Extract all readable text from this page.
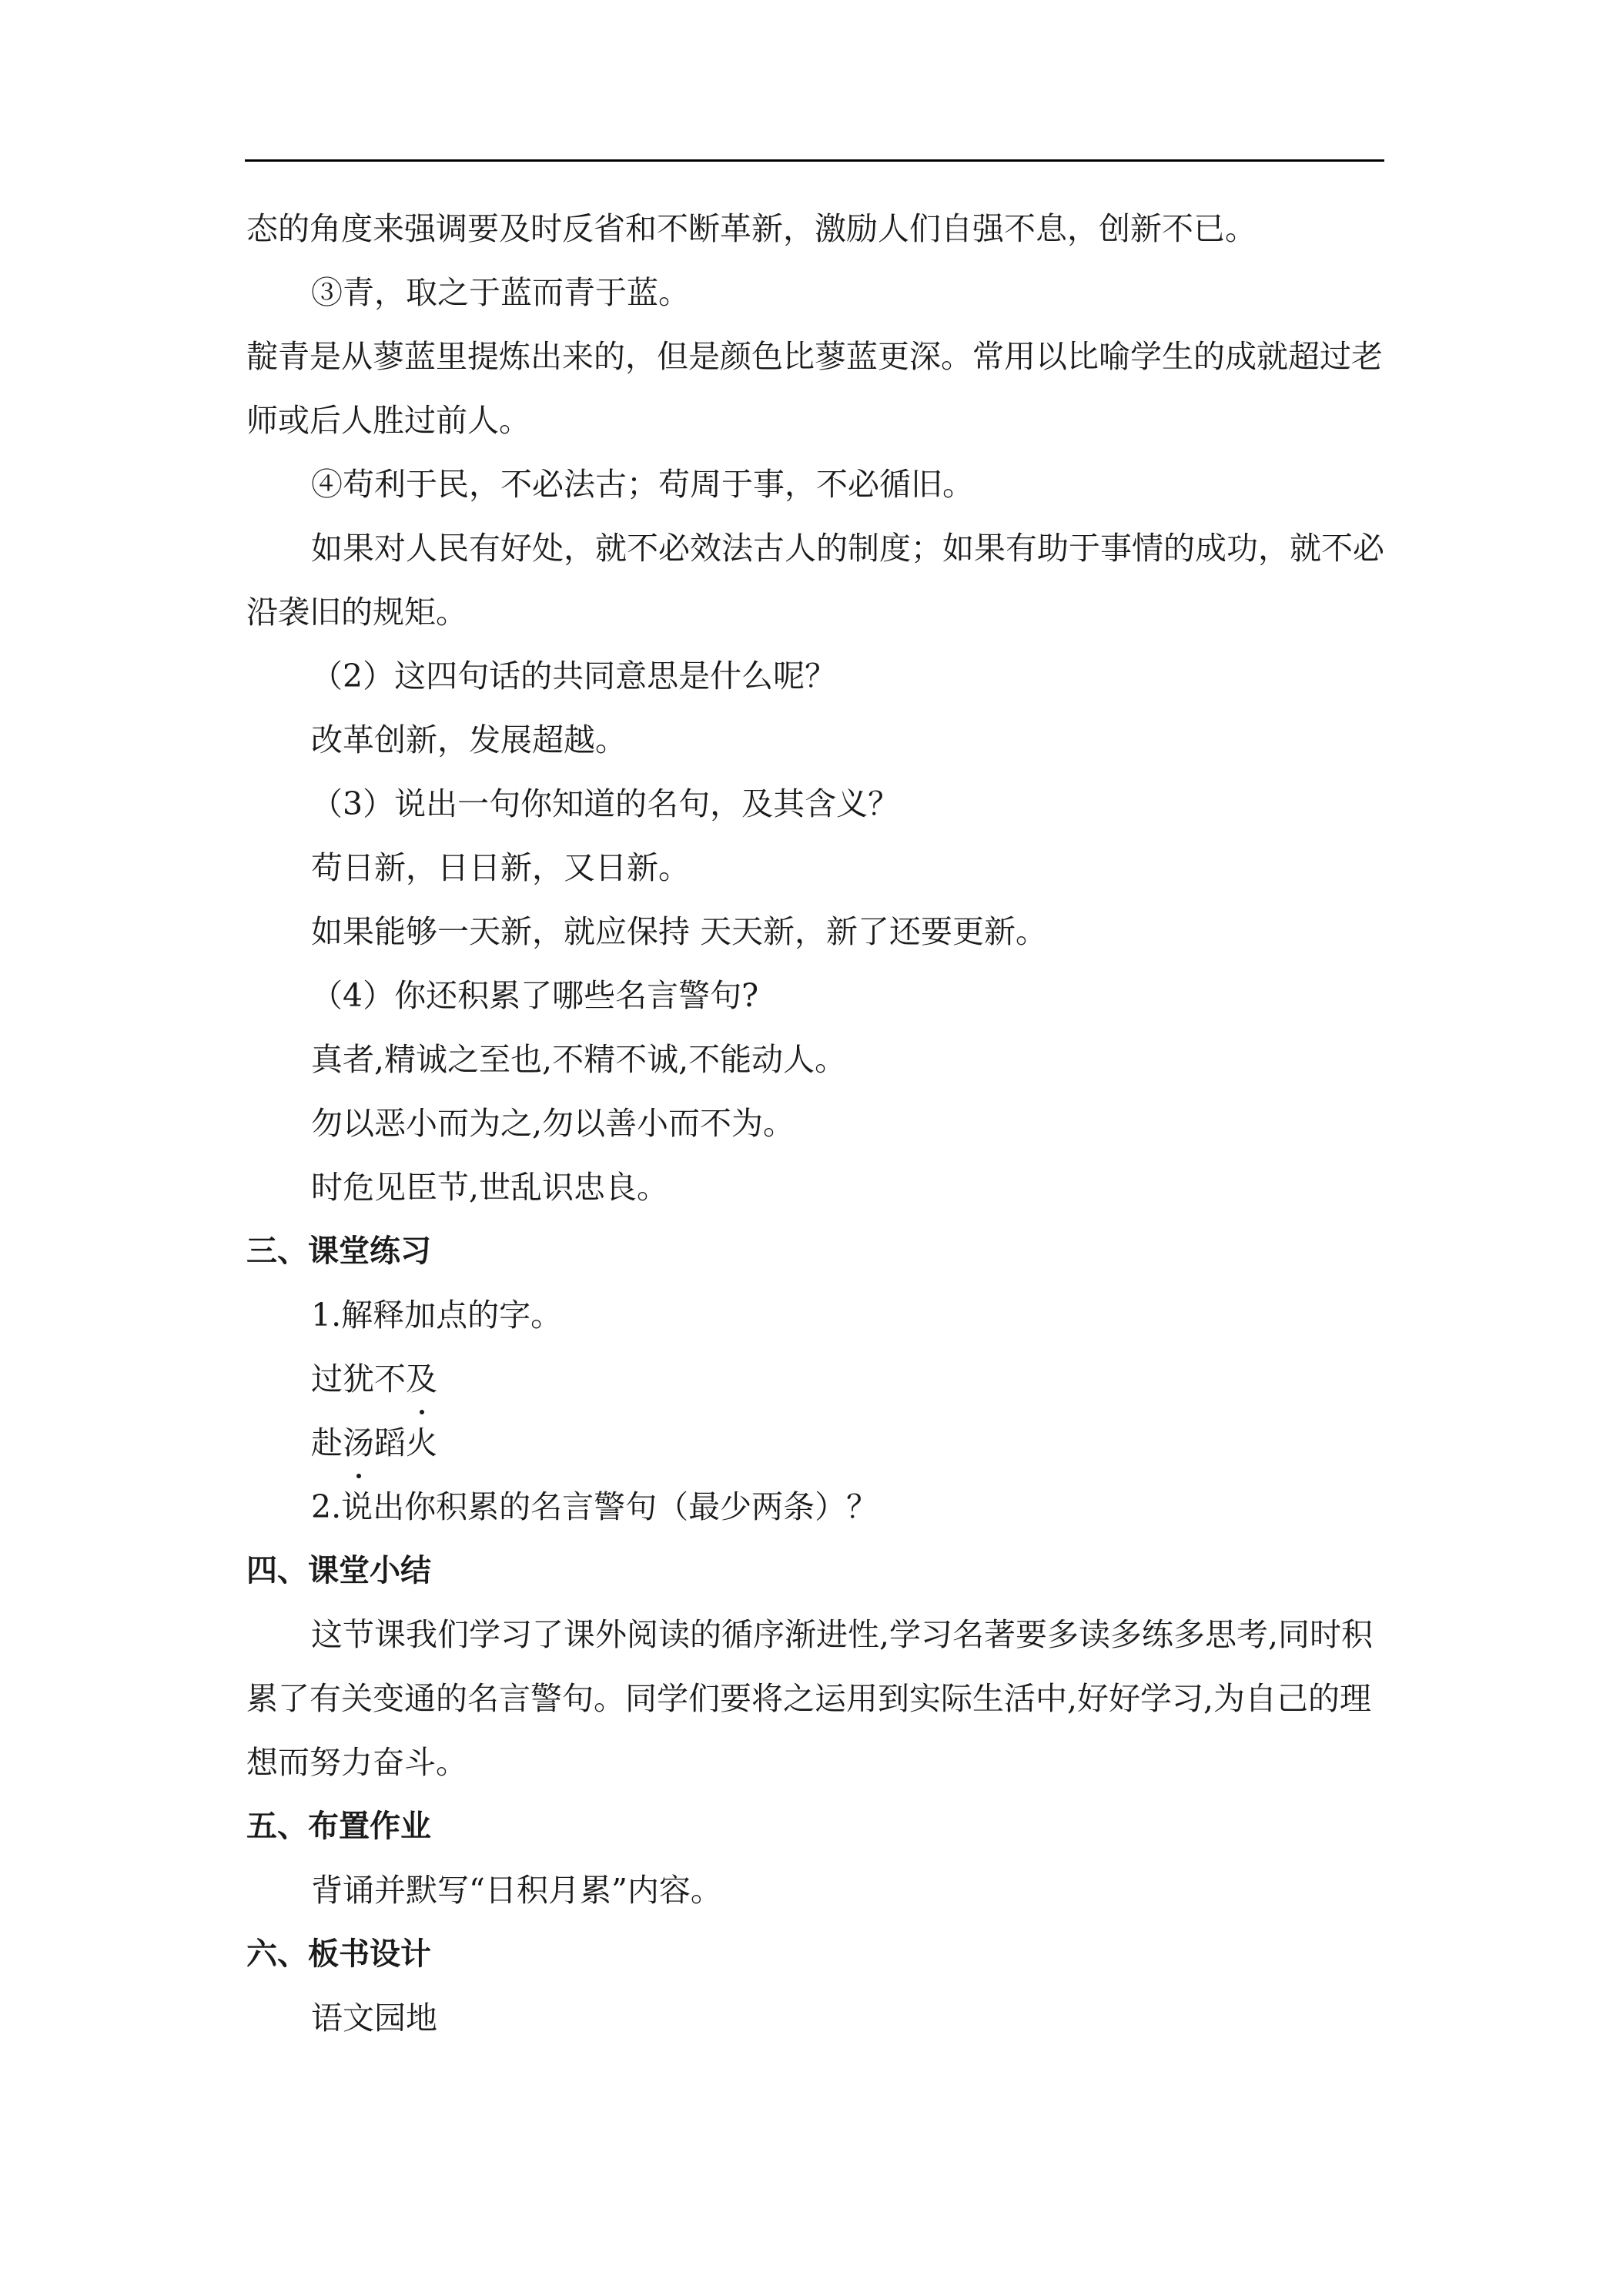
态的角度来强调要及时反省和不断革新，激励人们自强不息，创新不已。
③青，取之于蓝而青于蓝。
靛青是从蓼蓝里提炼出来的，但是颜色比蓼蓝更深。常用以比喻学生的成就超过老师或后人胜过前人。
④苟利于民，不必法古；苟周于事，不必循旧。
如果对人民有好处，就不必效法古人的制度；如果有助于事情的成功，就不必沿袭旧的规矩。
（2）这四句话的共同意思是什么呢？
改革创新，发展超越。
（3）说出一句你知道的名句，及其含义？
苟日新，日日新，又日新。
如果能够一天新，就应保持 天天新，新了还要更新。
（4）你还积累了哪些名言警句?
真者,精诚之至也,不精不诚,不能动人。
勿以恶小而为之,勿以善小而不为。
时危见臣节,世乱识忠良。
三、课堂练习
1.解释加点的字。
过犹不及
赴汤蹈火
2.说出你积累的名言警句（最少两条）？
四、课堂小结
这节课我们学习了课外阅读的循序渐进性,学习名著要多读多练多思考,同时积累了有关变通的名言警句。同学们要将之运用到实际生活中,好好学习,为自己的理想而努力奋斗。
五、布置作业
背诵并默写“日积月累”内容。
六、板书设计
语文园地
